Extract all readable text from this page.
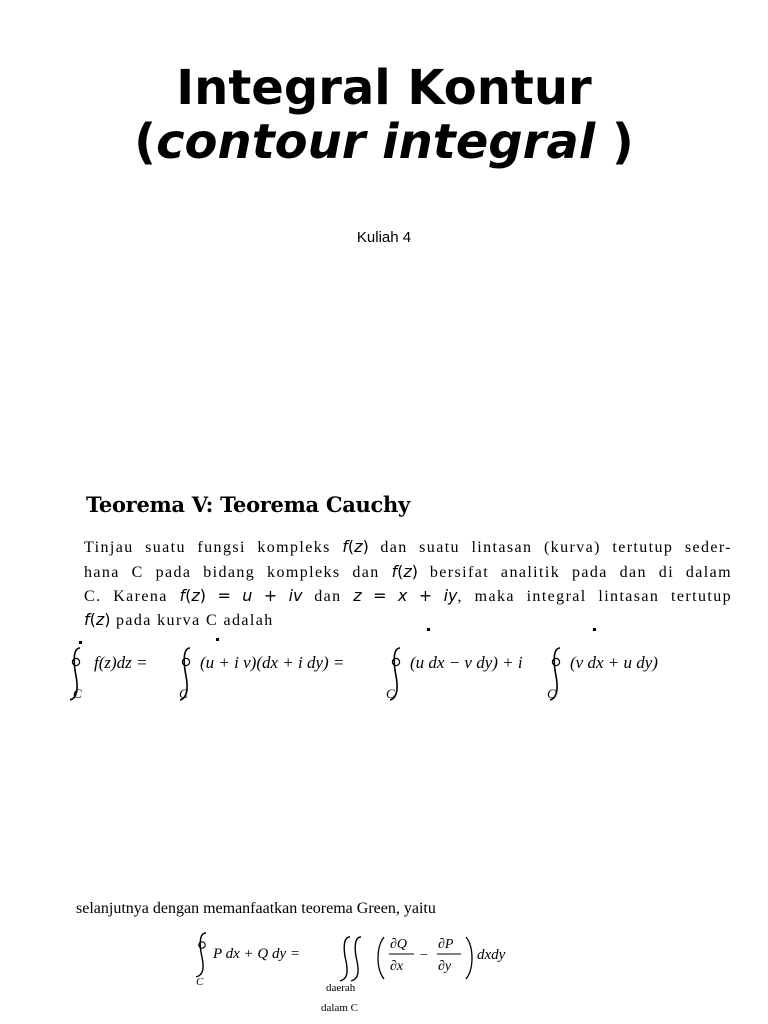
Integral Kontur
(contour integral )
Kuliah 4
Teorema V: Teorema Cauchy
Tinjau suatu fungsi kompleks f(z) dan suatu lintasan (kurva) tertutup seder-
hana C pada bidang kompleks dan f(z) bersifat analitik pada dan di dalam
C. Karena f(z) = u + iv dan z = x + iy, maka integral lintasan tertutup
f(z) pada kurva C adalah
f(z)dz =	(u + i v)(dx + i dy) =	(u dx − v dy) + i	(v dx + u dy)
C	C	C	C
selanjutnya dengan memanfaatkan teorema Green, yaitu
C
P dx + Q dy =
daerah
dalam C
∂Q
∂x
−
∂P
∂y
dxdy
